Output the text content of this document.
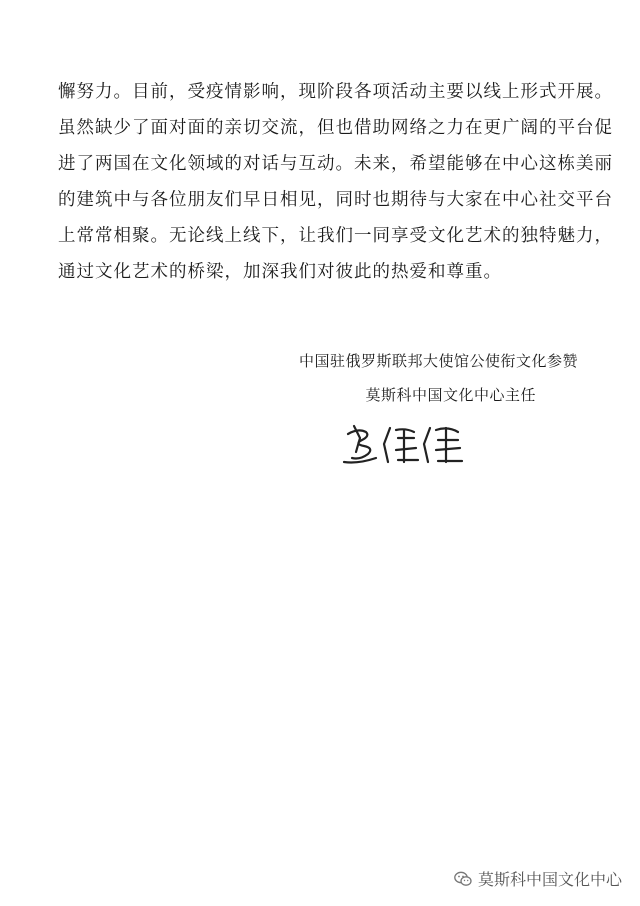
懈努力。目前，受疫情影响，现阶段各项活动主要以线上形式开展。
虽然缺少了面对面的亲切交流，但也借助网络之力在更广阔的平台促
进了两国在文化领域的对话与互动。未来，希望能够在中心这栋美丽
的建筑中与各位朋友们早日相见，同时也期待与大家在中心社交平台
上常常相聚。无论线上线下，让我们一同享受文化艺术的独特魅力，
通过文化艺术的桥梁，加深我们对彼此的热爱和尊重。
中国驻俄罗斯联邦大使馆公使衔文化参赞
莫斯科中国文化中心主任
莫斯科中国文化中心
